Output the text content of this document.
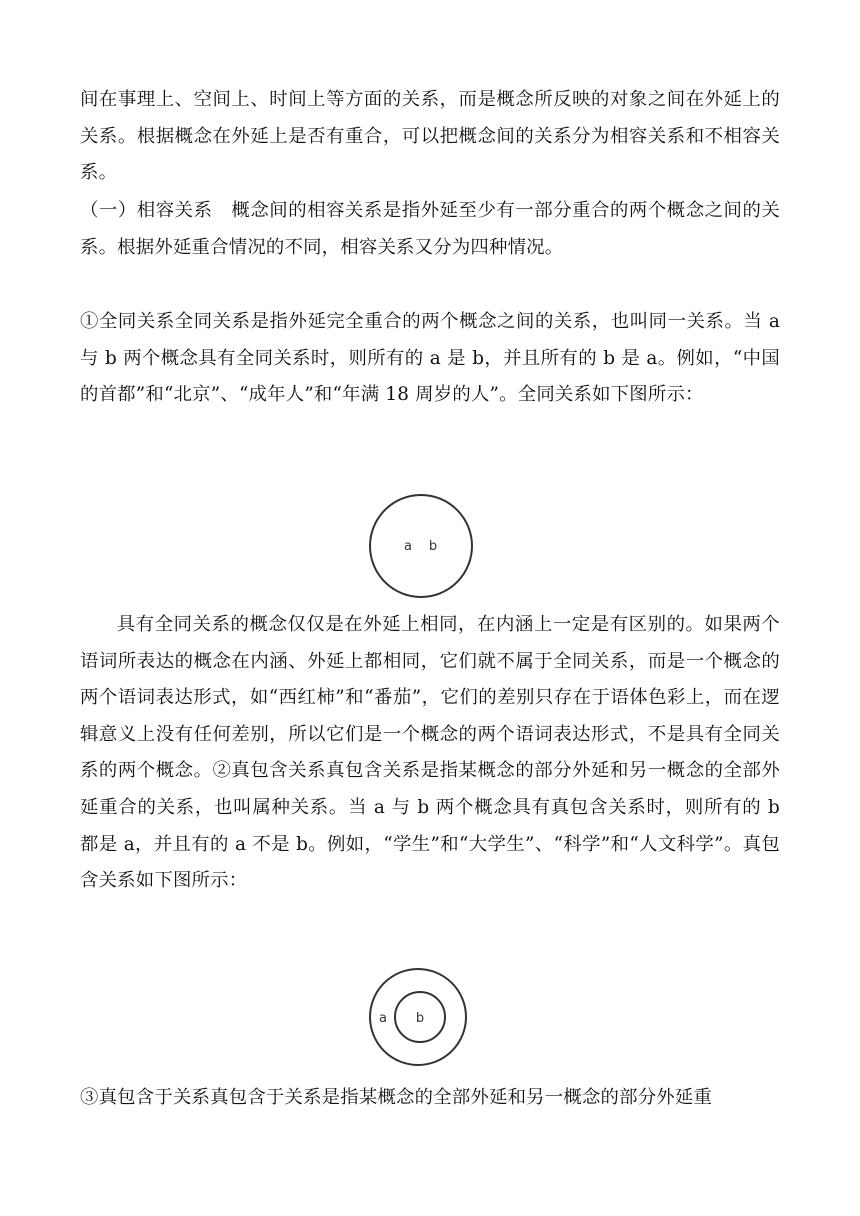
间在事理上、空间上、时间上等方面的关系，而是概念所反映的对象之间在外延上的关系。根据概念在外延上是否有重合，可以把概念间的关系分为相容关系和不相容关系。

（一）相容关系　概念间的相容关系是指外延至少有一部分重合的两个概念之间的关系。根据外延重合情况的不同，相容关系又分为四种情况。

①全同关系全同关系是指外延完全重合的两个概念之间的关系，也叫同一关系。当 a 与 b 两个概念具有全同关系时，则所有的 a 是 b，并且所有的 b 是 a。例如，“中国的首都”和“北京”、“成年人”和“年满 18 周岁的人”。全同关系如下图所示：

a b

具有全同关系的概念仅仅是在外延上相同，在内涵上一定是有区别的。如果两个语词所表达的概念在内涵、外延上都相同，它们就不属于全同关系，而是一个概念的两个语词表达形式，如“西红柿”和“番茄”，它们的差别只存在于语体色彩上，而在逻辑意义上没有任何差别，所以它们是一个概念的两个语词表达形式，不是具有全同关系的两个概念。②真包含关系真包含关系是指某概念的部分外延和另一概念的全部外延重合的关系，也叫属种关系。当 a 与 b 两个概念具有真包含关系时，则所有的 b 都是 a，并且有的 a 不是 b。例如，“学生”和“大学生”、“科学”和“人文科学”。真包含关系如下图所示：

a b

③真包含于关系真包含于关系是指某概念的全部外延和另一概念的部分外延重
